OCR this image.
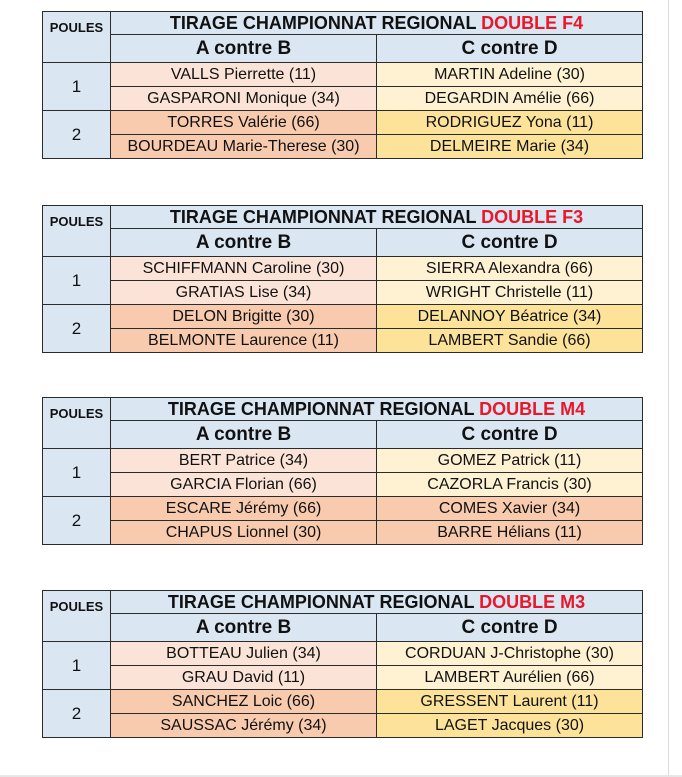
POULES	TIRAGE CHAMPIONNAT REGIONAL DOUBLE F4	
	A contre B	C contre D
1	VALLS Pierrette (11)	MARTIN Adeline (30)
	GASPARONI Monique (34)	DEGARDIN Amélie (66)
2	TORRES Valérie (66)	RODRIGUEZ Yona (11)
	BOURDEAU Marie-Therese (30)	DELMEIRE Marie (34)
POULES	TIRAGE CHAMPIONNAT REGIONAL DOUBLE F3	
	A contre B	C contre D
1	SCHIFFMANN Caroline (30)	SIERRA Alexandra (66)
	GRATIAS Lise (34)	WRIGHT Christelle (11)
2	DELON Brigitte (30)	DELANNOY Béatrice (34)
	BELMONTE Laurence (11)	LAMBERT Sandie (66)
POULES	TIRAGE CHAMPIONNAT REGIONAL DOUBLE M4	
	A contre B	C contre D
1	BERT Patrice (34)	GOMEZ Patrick (11)
	GARCIA Florian (66)	CAZORLA Francis (30)
2	ESCARE Jérémy (66)	COMES Xavier (34)
	CHAPUS Lionnel (30)	BARRE Hélians (11)
POULES	TIRAGE CHAMPIONNAT REGIONAL DOUBLE M3	
	A contre B	C contre D
1	BOTTEAU Julien (34)	CORDUAN J-Christophe (30)
	GRAU David (11)	LAMBERT Aurélien (66)
2	SANCHEZ Loic (66)	GRESSENT Laurent (11)
	SAUSSAC Jérémy (34)	LAGET Jacques (30)
